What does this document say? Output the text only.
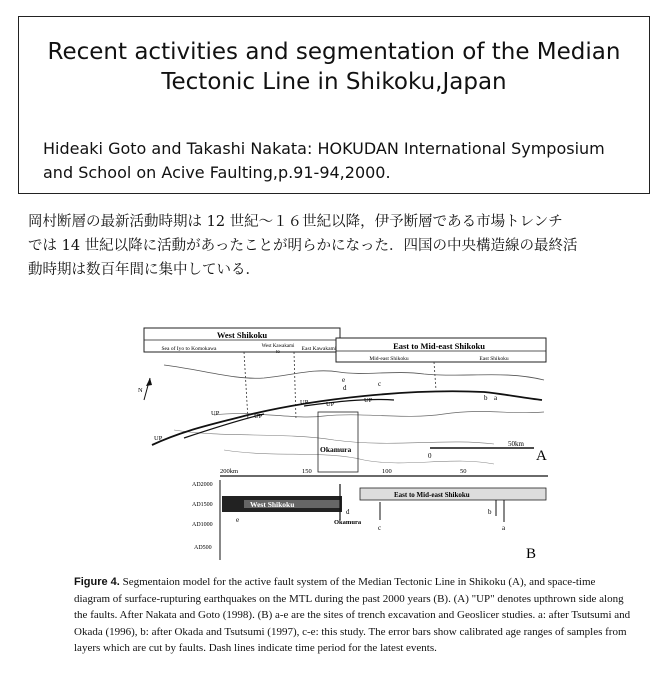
Recent activities and segmentation of the Median
Tectonic Line in Shikoku,Japan
Hideaki Goto and Takashi Nakata: HOKUDAN International Symposium
and School on Acive Faulting,p.91-94,2000.
岡村断層の最新活動時期は 12 世紀～１６世紀以降，伊予断層である市場トレンチ
では 14 世紀以降に活動があったことが明らかになった．四国の中央構造線の最終活
動時期は数百年間に集中している．
West Shikoku
Sea of Iyo to Komokawa	West Kawakami
to
East Kawakami	East to Mid-east Shikoku
Mid-east Shikoku	East Shikoku
Okamura
UP
UP	UP
UP	UP
UP
e
d	c
b a
N
0
50km
A
200km	150	100	50
AD2000
AD1500
AD1000
AD500
West Shikoku
East to Mid-east Shikoku
Okamura
e
d
c
b
a
B
Figure 4. Segmentaion model for the active fault system of the Median Tectonic Line in Shikoku (A), and space-time diagram of surface-rupturing earthquakes on the MTL during the past 2000 years (B). (A) "UP" denotes upthrown side along the faults. After Nakata and Goto (1998). (B) a-e are the sites of trench excavation and Geoslicer studies. a: after Tsutsumi and Okada (1996), b: after Okada and Tsutsumi (1997), c-e: this study. The error bars show calibrated age ranges of samples from layers which are cut by faults. Dash lines indicate time period for the latest events.
